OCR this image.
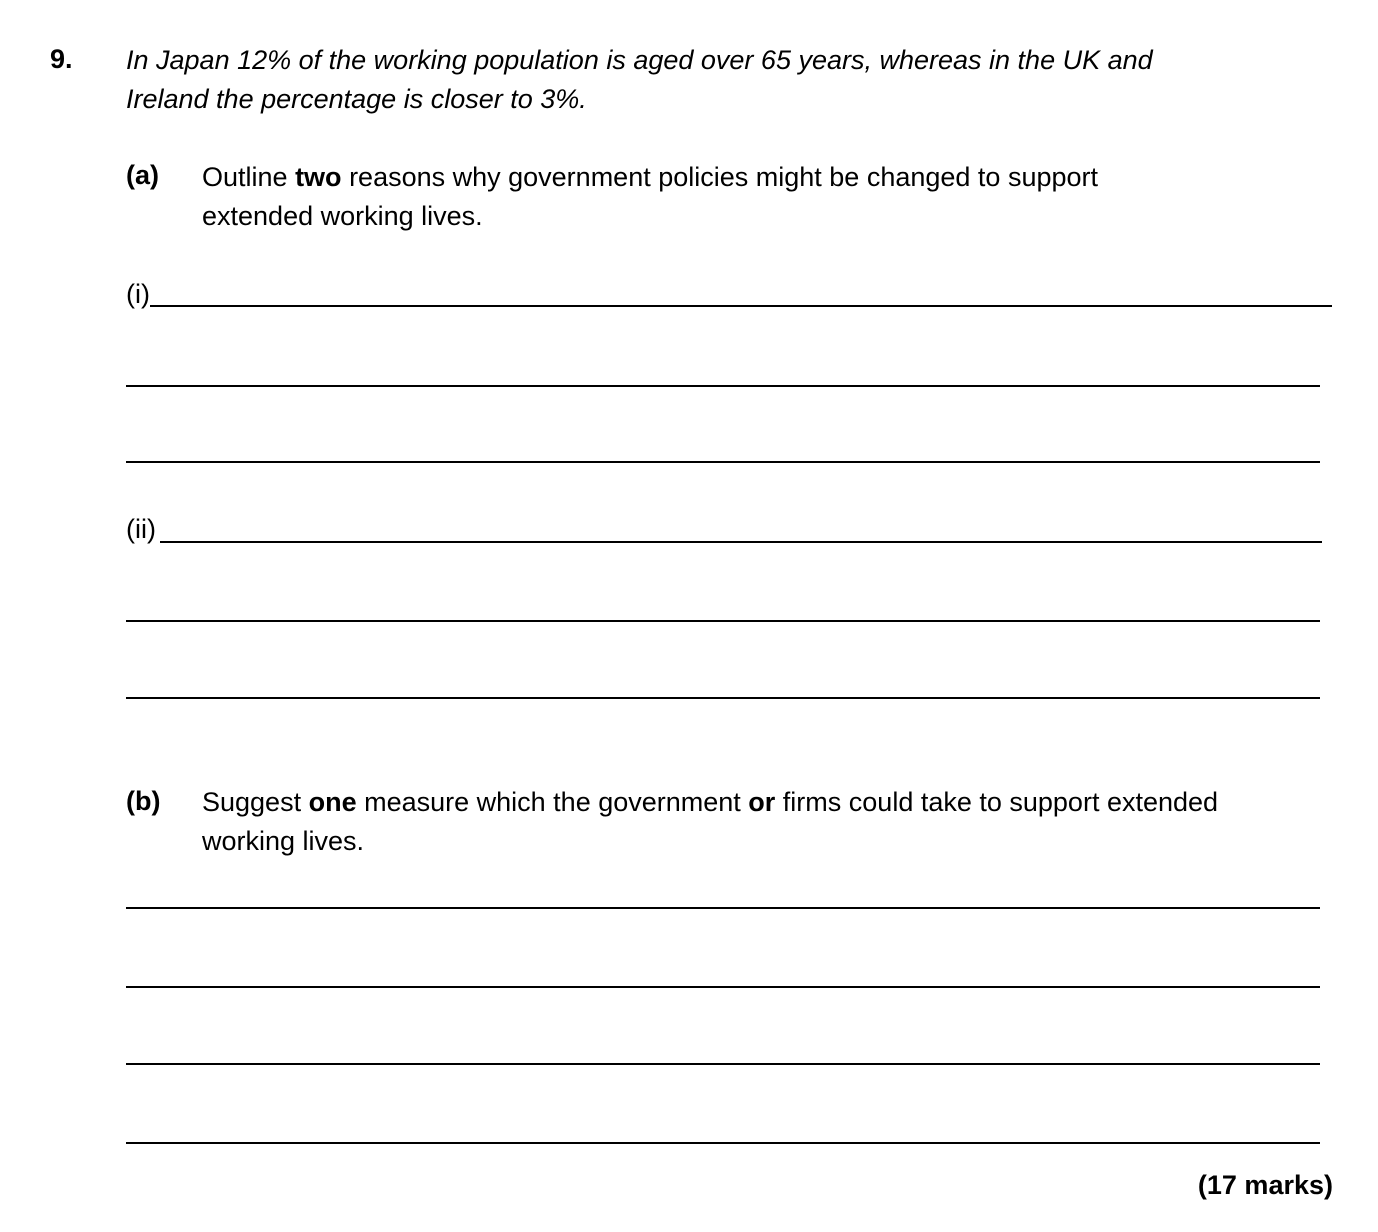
9. In Japan 12% of the working population is aged over 65 years, whereas in the UK and
Ireland the percentage is closer to 3%.
(a) Outline two reasons why government policies might be changed to support
extended working lives.
(i)
(ii)
(b) Suggest one measure which the government or firms could take to support extended
working lives.
(17 marks)
